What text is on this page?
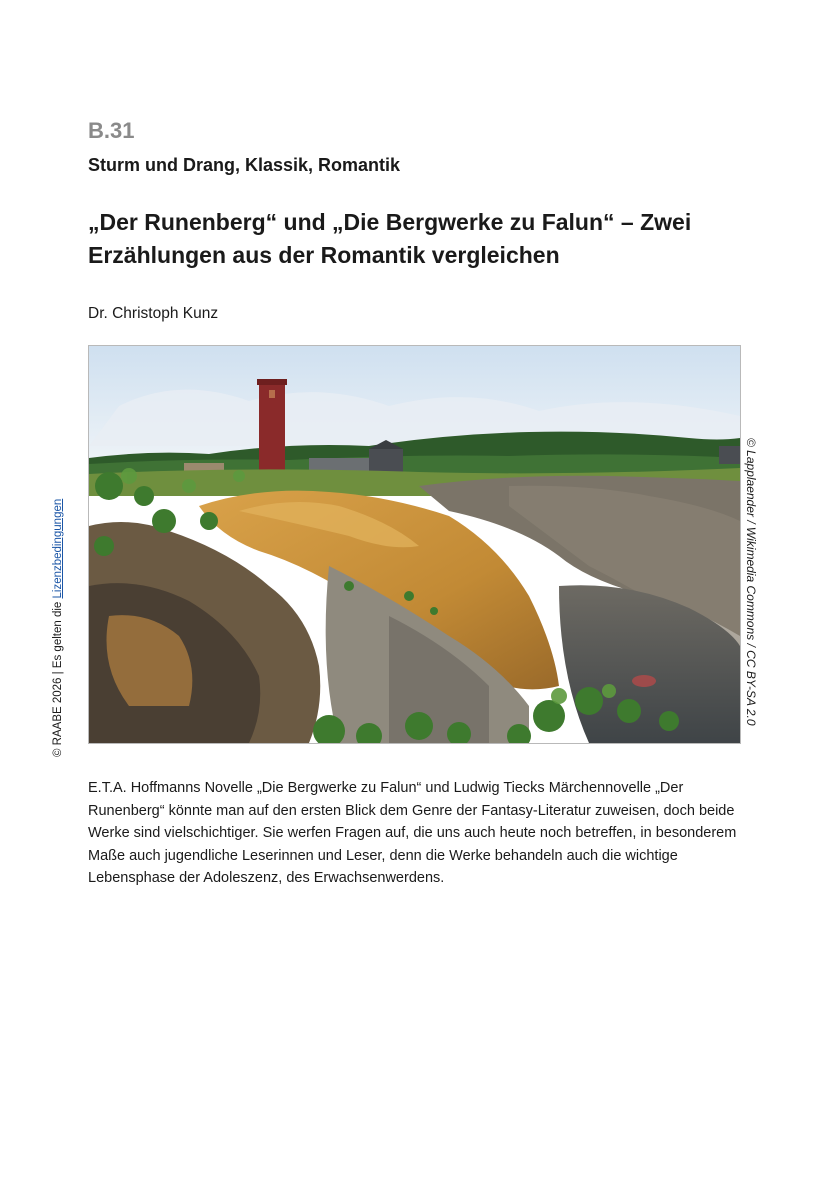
B.31
Sturm und Drang, Klassik, Romantik
„Der Runenberg“ und „Die Bergwerke zu Falun“ – Zwei Erzählungen aus der Romantik vergleichen
Dr. Christoph Kunz
© RAABE 2026 | Es gelten die Lizenzbedingungen	© Lapplaender / Wikimedia Commons / CC BY-SA 2.0
E.T.A. Hoffmanns Novelle „Die Bergwerke zu Falun“ und Ludwig Tiecks Märchennovelle „Der Runenberg“ könnte man auf den ersten Blick dem Genre der Fantasy-Literatur zuweisen, doch beide Werke sind vielschichtiger. Sie werfen Fragen auf, die uns auch heute noch betreffen, in besonderem Maße auch jugendliche Leserinnen und Leser, denn die Werke behandeln auch die wichtige Lebensphase der Adoleszenz, des Erwachsenwerdens.
